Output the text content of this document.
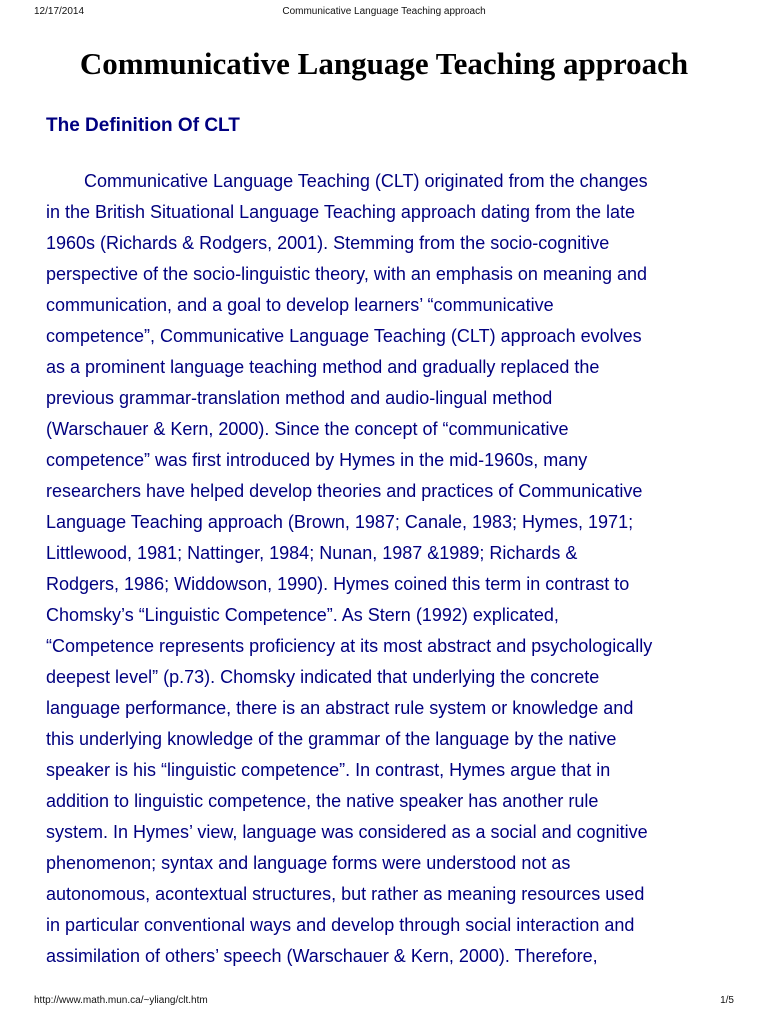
12/17/2014	Communicative Language Teaching approach
Communicative Language Teaching approach
The Definition Of CLT
Communicative Language Teaching (CLT) originated from the changes
in the British Situational Language Teaching approach dating from the late
1960s (Richards & Rodgers, 2001). Stemming from the socio-cognitive
perspective of the socio-linguistic theory, with an emphasis on meaning and
communication, and a goal to develop learners’ “communicative
competence”, Communicative Language Teaching (CLT) approach evolves
as a prominent language teaching method and gradually replaced the
previous grammar-translation method and audio-lingual method
(Warschauer & Kern, 2000). Since the concept of “communicative
competence” was first introduced by Hymes in the mid-1960s, many
researchers have helped develop theories and practices of Communicative
Language Teaching approach (Brown, 1987; Canale, 1983; Hymes, 1971;
Littlewood, 1981; Nattinger, 1984; Nunan, 1987 &1989; Richards &
Rodgers, 1986; Widdowson, 1990). Hymes coined this term in contrast to
Chomsky’s “Linguistic Competence”. As Stern (1992) explicated,
“Competence represents proficiency at its most abstract and psychologically
deepest level” (p.73). Chomsky indicated that underlying the concrete
language performance, there is an abstract rule system or knowledge and
this underlying knowledge of the grammar of the language by the native
speaker is his “linguistic competence”. In contrast, Hymes argue that in
addition to linguistic competence, the native speaker has another rule
system. In Hymes’ view, language was considered as a social and cognitive
phenomenon; syntax and language forms were understood not as
autonomous, acontextual structures, but rather as meaning resources used
in particular conventional ways and develop through social interaction and
assimilation of others’ speech (Warschauer & Kern, 2000). Therefore,
http://www.math.mun.ca/~yliang/clt.htm	1/5
